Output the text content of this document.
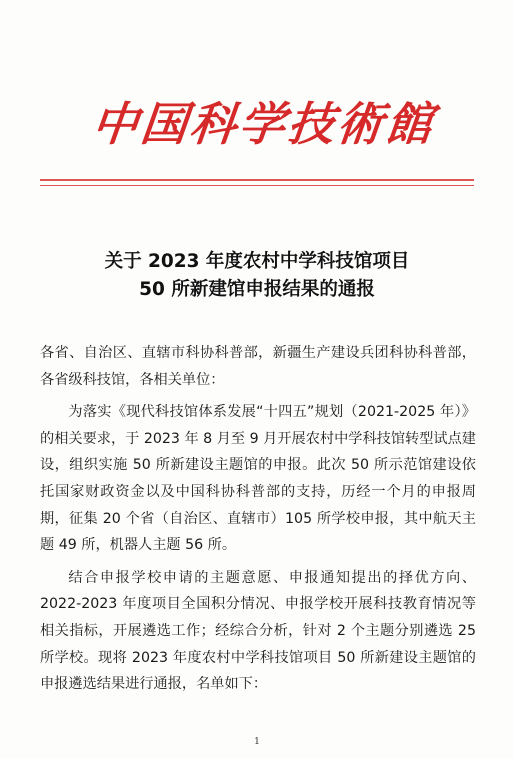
中
国
科
学
技
術
館
关于 2023 年度农村中学科技馆项目
50 所新建馆申报结果的通报

各省、自治区、直辖市科协科普部，新疆生产建设兵团科协科普部，各省级科技馆，各相关单位：

为落实《现代科技馆体系发展“十四五”规划（2021-2025 年）》的相关要求，于 2023 年 8 月至 9 月开展农村中学科技馆转型试点建设，组织实施 50 所新建设主题馆的申报。此次 50 所示范馆建设依托国家财政资金以及中国科协科普部的支持，历经一个月的申报周期，征集 20 个省（自治区、直辖市）105 所学校申报，其中航天主题 49 所，机器人主题 56 所。

结合申报学校申请的主题意愿、申报通知提出的择优方向、2022-2023 年度项目全国积分情况、申报学校开展科技教育情况等相关指标，开展遴选工作；经综合分析，针对 2 个主题分别遴选 25 所学校。现将 2023 年度农村中学科技馆项目 50 所新建设主题馆的申报遴选结果进行通报，名单如下：

1
